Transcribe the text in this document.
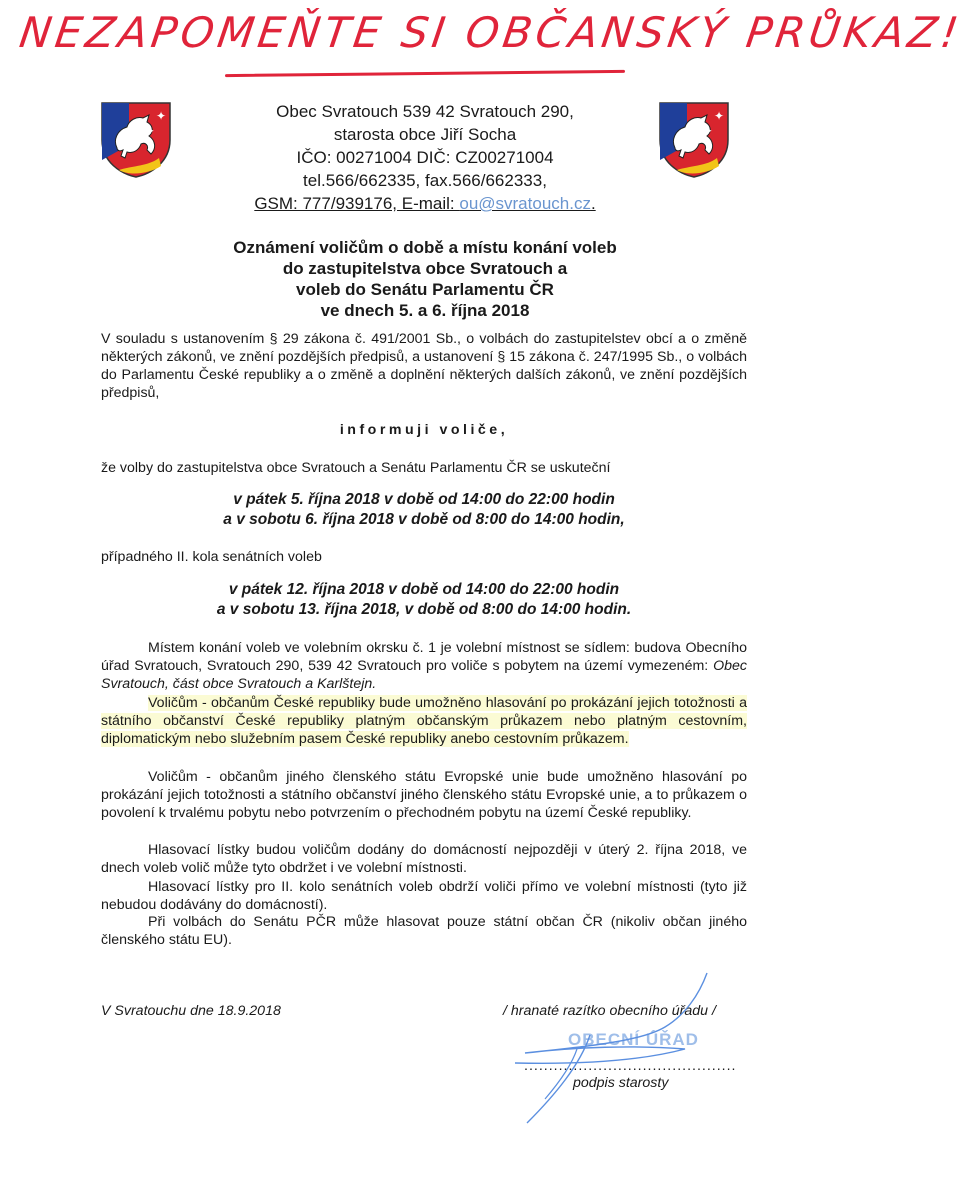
NEZAPOMEŇTE SI OBČANSKÝ PRŮKAZ!
✦
✦
✦
✦
Obec Svratouch 539 42 Svratouch 290,
starosta obce Jiří Socha
IČO: 00271004 DIČ: CZ00271004
tel.566/662335, fax.566/662333,
GSM: 777/939176, E-mail: ou@svratouch.cz.
Oznámení voličům o době a místu konání voleb
do zastupitelstva obce Svratouch a
voleb do Senátu Parlamentu ČR
ve dnech 5. a 6. října 2018
V souladu s ustanovením § 29 zákona č. 491/2001 Sb., o volbách do zastupitelstev obcí a o změně některých zákonů, ve znění pozdějších předpisů, a ustanovení § 15 zákona č. 247/1995 Sb., o volbách do Parlamentu České republiky a o změně a doplnění některých dalších zákonů, ve znění pozdějších předpisů,
informuji voliče,
že volby do zastupitelstva obce Svratouch a Senátu Parlamentu ČR se uskuteční
v pátek 5. října 2018 v době od 14:00 do 22:00 hodin
a v sobotu 6. října 2018 v době od 8:00 do 14:00 hodin,
případného II. kola senátních voleb
v pátek 12. října 2018 v době od 14:00 do 22:00 hodin
a v sobotu 13. října 2018, v době od 8:00 do 14:00 hodin.
Místem konání voleb ve volebním okrsku č. 1 je volební místnost se sídlem: budova Obecního úřad Svratouch, Svratouch 290, 539 42 Svratouch pro voliče s pobytem na území vymezeném: Obec Svratouch, část obce Svratouch a Karlštejn.
Voličům - občanům České republiky bude umožněno hlasování po prokázání jejich totožnosti a státního občanství České republiky platným občanským průkazem nebo platným cestovním, diplomatickým nebo služebním pasem České republiky anebo cestovním průkazem.
Voličům - občanům jiného členského státu Evropské unie bude umožněno hlasování po prokázání jejich totožnosti a státního občanství jiného členského státu Evropské unie, a to průkazem o povolení k trvalému pobytu nebo potvrzením o přechodném pobytu na území České republiky.
Hlasovací lístky budou voličům dodány do domácností nejpozději v úterý 2. října 2018, ve dnech voleb volič může tyto obdržet i ve volební místnosti.
Hlasovací lístky pro II. kolo senátních voleb obdrží voliči přímo ve volební místnosti (tyto již nebudou dodávány do domácností).
Při volbách do Senátu PČR může hlasovat pouze státní občan ČR (nikoliv občan jiného členského státu EU).
V Svratouchu dne 18.9.2018	/ hranaté razítko obecního úřadu /
OBECNÍ ÚŘAD
...........................................
podpis starosty
